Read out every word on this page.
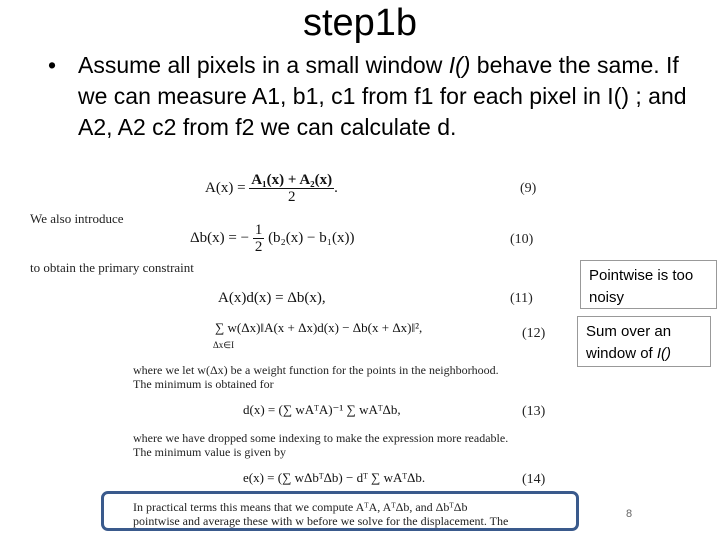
step1b
• Assume all pixels in a small window I() behave the same. If we can measure A1, b1, c1 from f1 for each pixel in I() ; and A2, A2 c2 from f2 we can calculate d.
$A(x) = \frac{\text{A₁(x) + A₂(x)}}{2}$ .	(9)
We also introduce
Δb(x) = − $\frac{1}{2} (b_2(x) - b_1(x))$	(10)
to obtain the primary constraint
A(x)d(x) = Δb(x),	(11)
∑ w(Δx)‖A(x + Δx)d(x) − Δb(x + Δx)‖²,
Δx∈I
(12)
where we let w(Δx) be a weight function for the points in the neighborhood.
The minimum is obtained for
d(x) = (∑ wAᵀA)⁻¹ ∑ wAᵀΔb,	(13)
where we have dropped some indexing to make the expression more readable.
The minimum value is given by
e(x) = (∑ wΔbᵀΔb) − dᵀ ∑ wAᵀΔb.	(14)
In practical terms this means that we compute AᵀA, AᵀΔb, and ΔbᵀΔb
pointwise and average these with w before we solve for the displacement. The
Pointwise is too noisy
Sum over an window of I()
8
